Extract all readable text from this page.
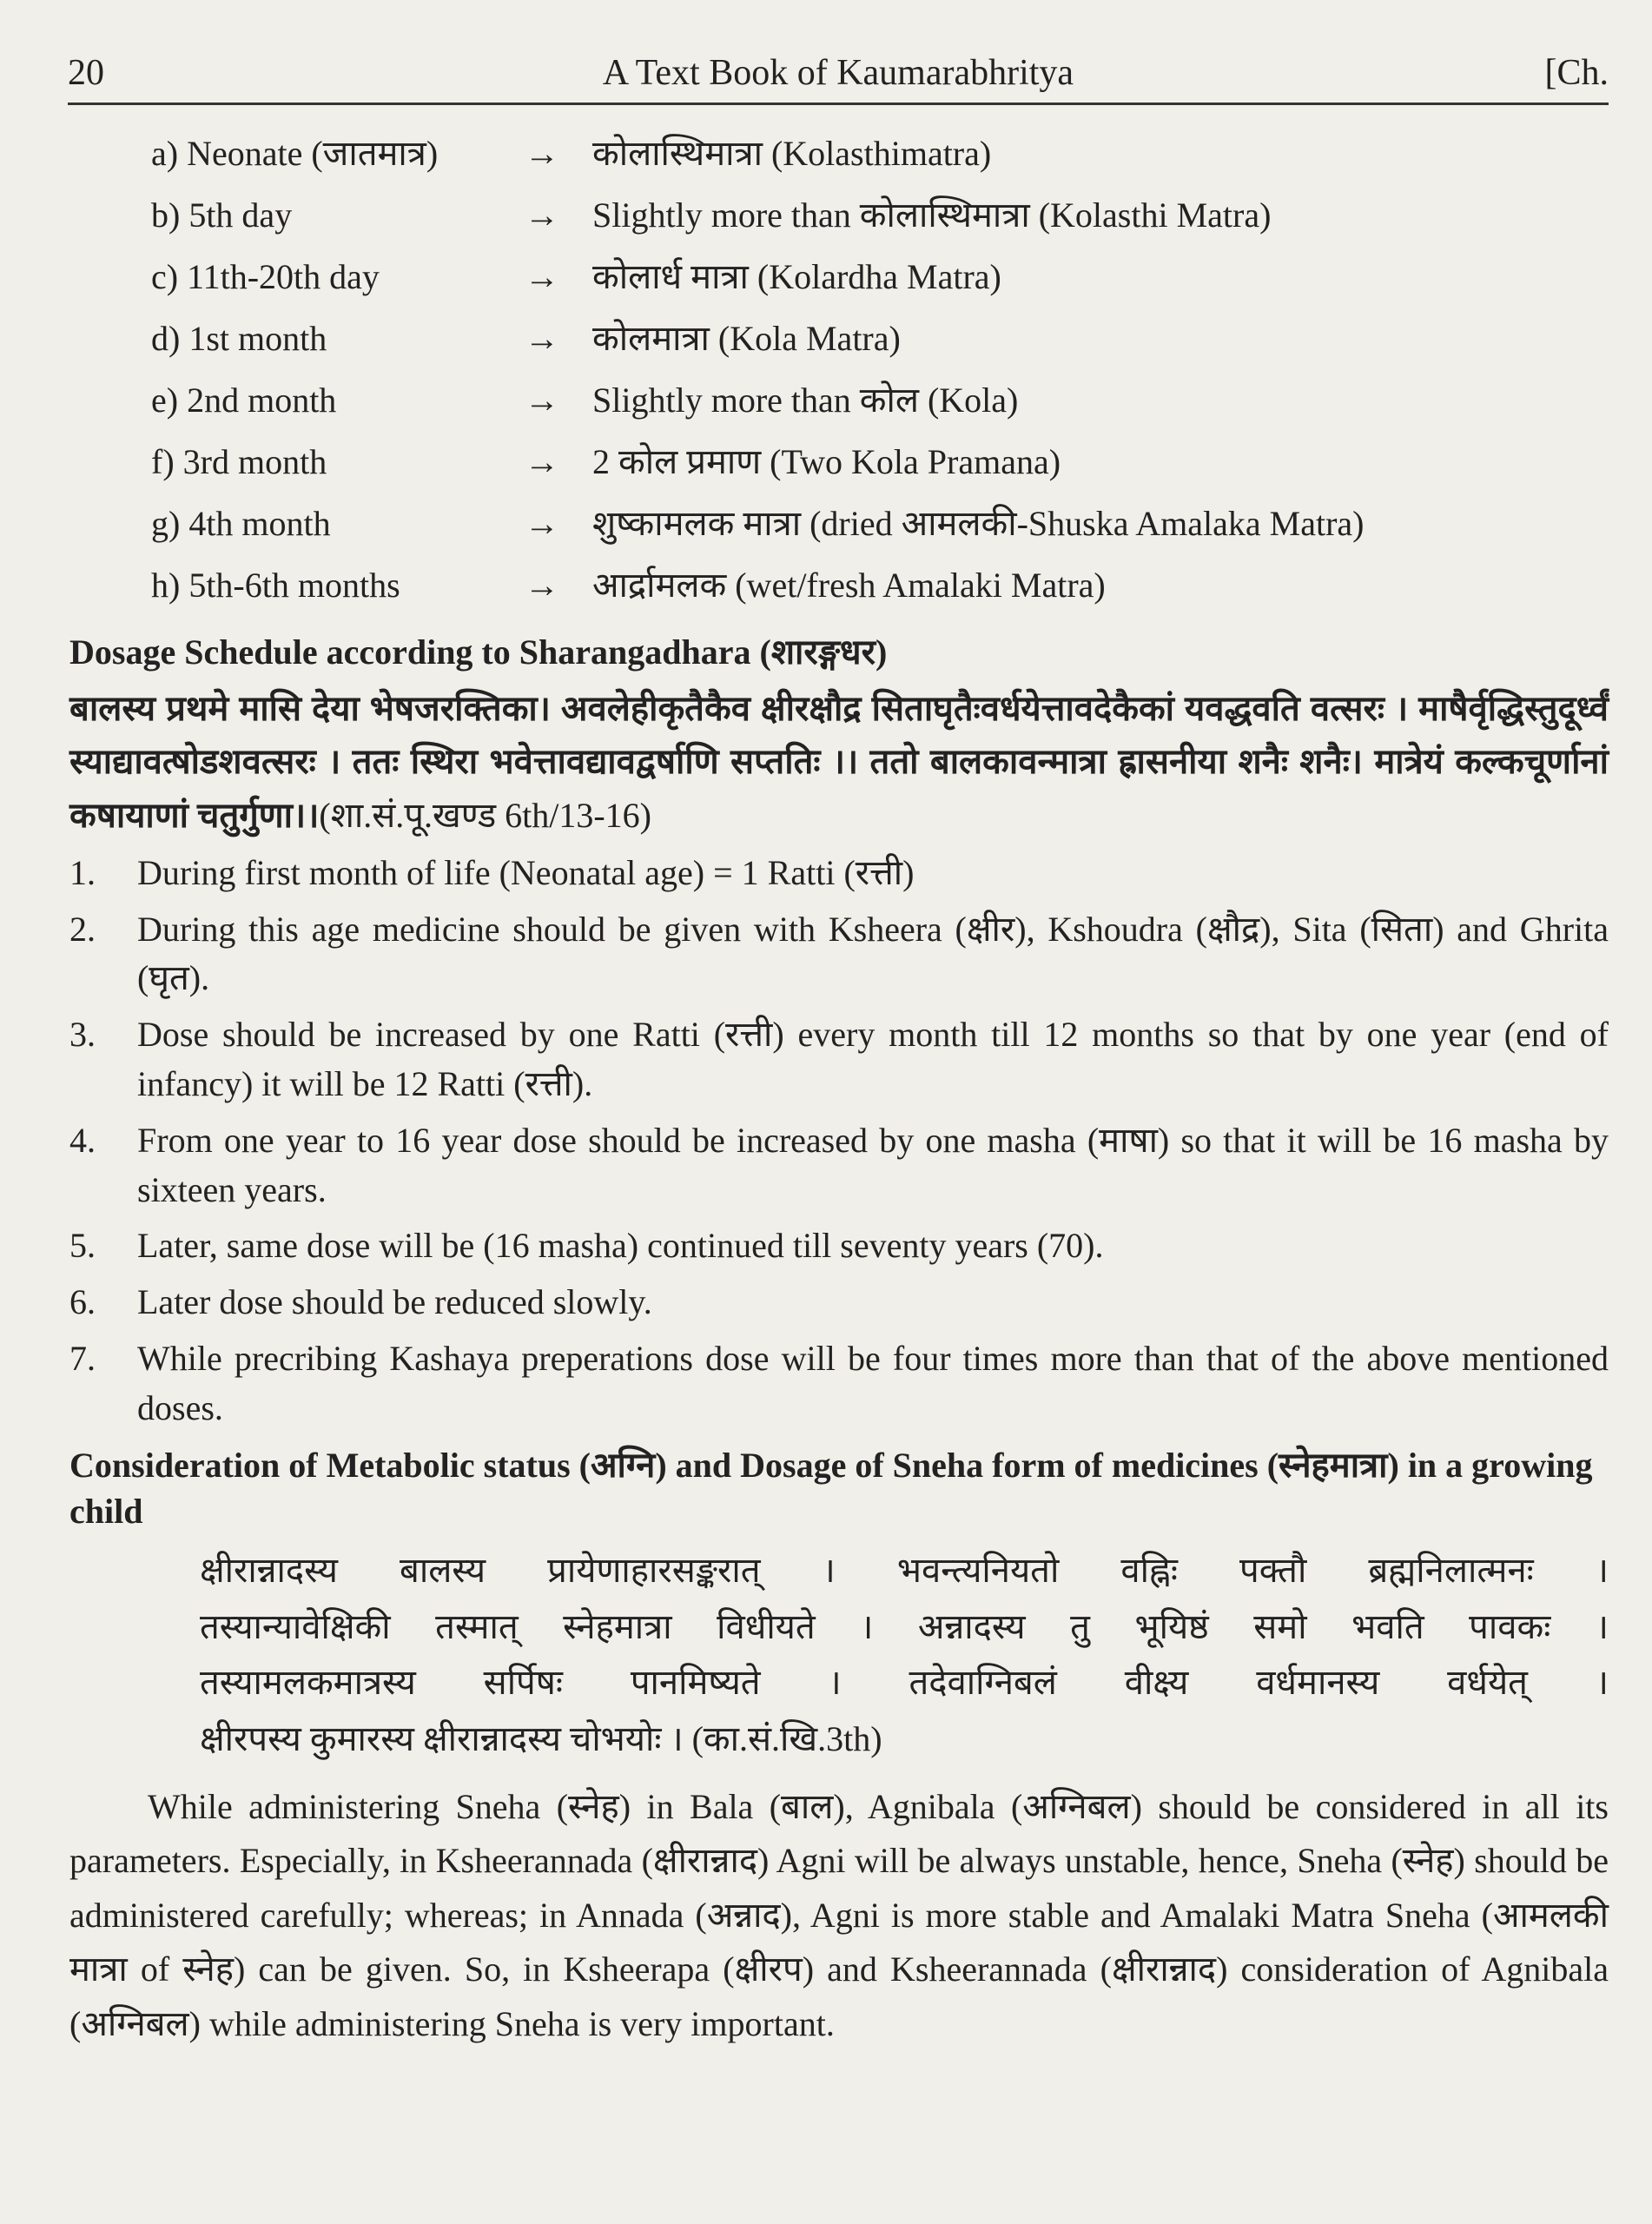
20	A Text Book of Kaumarabhritya	[Ch.
a) Neonate (जातमात्र)	→ कोलास्थिमात्रा (Kolasthimatra)
b) 5th day	→ Slightly more than कोलास्थिमात्रा (Kolasthi Matra)
c) 11th-20th day	→ कोलार्ध मात्रा (Kolardha Matra)
d) 1st month	→ कोलमात्रा (Kola Matra)
e) 2nd month	→ Slightly more than कोल (Kola)
f) 3rd month	→ 2 कोल प्रमाण (Two Kola Pramana)
g) 4th month	→ शुष्कामलक मात्रा (dried आमलकी-Shuska Amalaka Matra)
h) 5th-6th months	→ आर्द्रामलक (wet/fresh Amalaki Matra)
Dosage Schedule according to Sharangadhara (शारङ्गधर)

बालस्य प्रथमे मासि देया भेषजरक्तिका। अवलेहीकृतैकैव क्षीरक्षौद्र सिताघृतैःवर्धयेत्तावदेकैकां यवद्धवति वत्सरः । माषैर्वृद्धिस्तुदूर्ध्वं स्याद्यावत्षोडशवत्सरः । ततः स्थिरा भवेत्तावद्यावद्वर्षाणि सप्ततिः ।। ततो बालकावन्मात्रा ह्रासनीया शनैः शनैः। मात्रेयं कल्कचूर्णानां कषायाणां चतुर्गुणा।।(शा.सं.पू.खण्ड 6th/13-16)

1.	During first month of life (Neonatal age) = 1 Ratti (रत्ती)
2.	During this age medicine should be given with Ksheera (क्षीर), Kshoudra (क्षौद्र), Sita (सिता) and Ghrita (घृत).
3.	Dose should be increased by one Ratti (रत्ती) every month till 12 months so that by one year (end of infancy) it will be 12 Ratti (रत्ती).
4.	From one year to 16 year dose should be increased by one masha (माषा) so that it will be 16 masha by sixteen years.
5.	Later, same dose will be (16 masha) continued till seventy years (70).
6.	Later dose should be reduced slowly.
7.	While precribing Kashaya preperations dose will be four times more than that of the above mentioned doses.
Consideration of Metabolic status (अग्नि) and Dosage of Sneha form of medicines (स्नेहमात्रा) in a growing child
क्षीरान्नादस्य बालस्य प्रायेणाहारसङ्करात् । भवन्त्यनियतो वह्निः पक्तौ ब्रह्मनिलात्मनः ।
तस्यान्यावेक्षिकी तस्मात् स्नेहमात्रा विधीयते । अन्नादस्य तु भूयिष्ठं समो भवति पावकः ।
तस्यामलकमात्रस्य सर्पिषः पानमिष्यते । तदेवाग्निबलं वीक्ष्य वर्धमानस्य वर्धयेत् ।
क्षीरपस्य कुमारस्य क्षीरान्नादस्य चोभयोः । (का.सं.खि.3th)

While administering Sneha (स्नेह) in Bala (बाल), Agnibala (अग्निबल) should be considered in all its parameters. Especially, in Ksheerannada (क्षीरान्नाद) Agni will be always unstable, hence, Sneha (स्नेह) should be administered carefully; whereas; in Annada (अन्नाद), Agni is more stable and Amalaki Matra Sneha (आमलकी मात्रा of स्नेह) can be given. So, in Ksheerapa (क्षीरप) and Ksheerannada (क्षीरान्नाद) consideration of Agnibala (अग्निबल) while administering Sneha is very important.
